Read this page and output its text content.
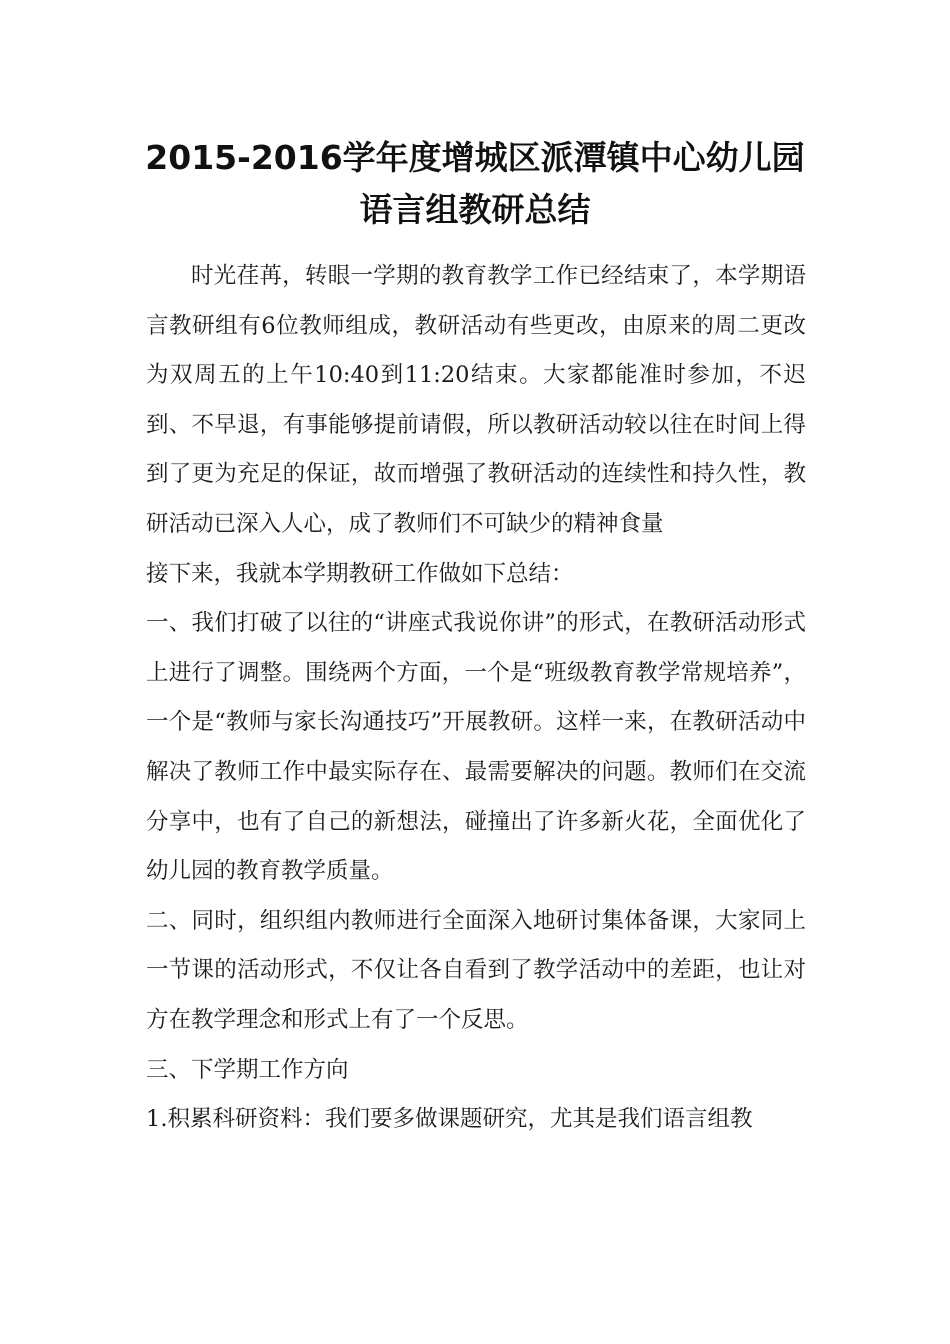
2015-2016学年度增城区派潭镇中心幼儿园
语言组教研总结

时光荏苒，转眼一学期的教育教学工作已经结束了，本学期语言教研组有6位教师组成，教研活动有些更改，由原来的周二更改为双周五的上午10:40到11:20结束。大家都能准时参加，不迟到、不早退，有事能够提前请假，所以教研活动较以往在时间上得到了更为充足的保证，故而增强了教研活动的连续性和持久性，教研活动已深入人心，成了教师们不可缺少的精神食量

接下来，我就本学期教研工作做如下总结：

一、我们打破了以往的“讲座式我说你讲”的形式，在教研活动形式上进行了调整。围绕两个方面，一个是“班级教育教学常规培养”，一个是“教师与家长沟通技巧”开展教研。这样一来，在教研活动中解决了教师工作中最实际存在、最需要解决的问题。教师们在交流分享中，也有了自己的新想法，碰撞出了许多新火花，全面优化了幼儿园的教育教学质量。

二、同时，组织组内教师进行全面深入地研讨集体备课，大家同上一节课的活动形式，不仅让各自看到了教学活动中的差距，也让对方在教学理念和形式上有了一个反思。

三、下学期工作方向

1.积累科研资料：我们要多做课题研究，尤其是我们语言组教
